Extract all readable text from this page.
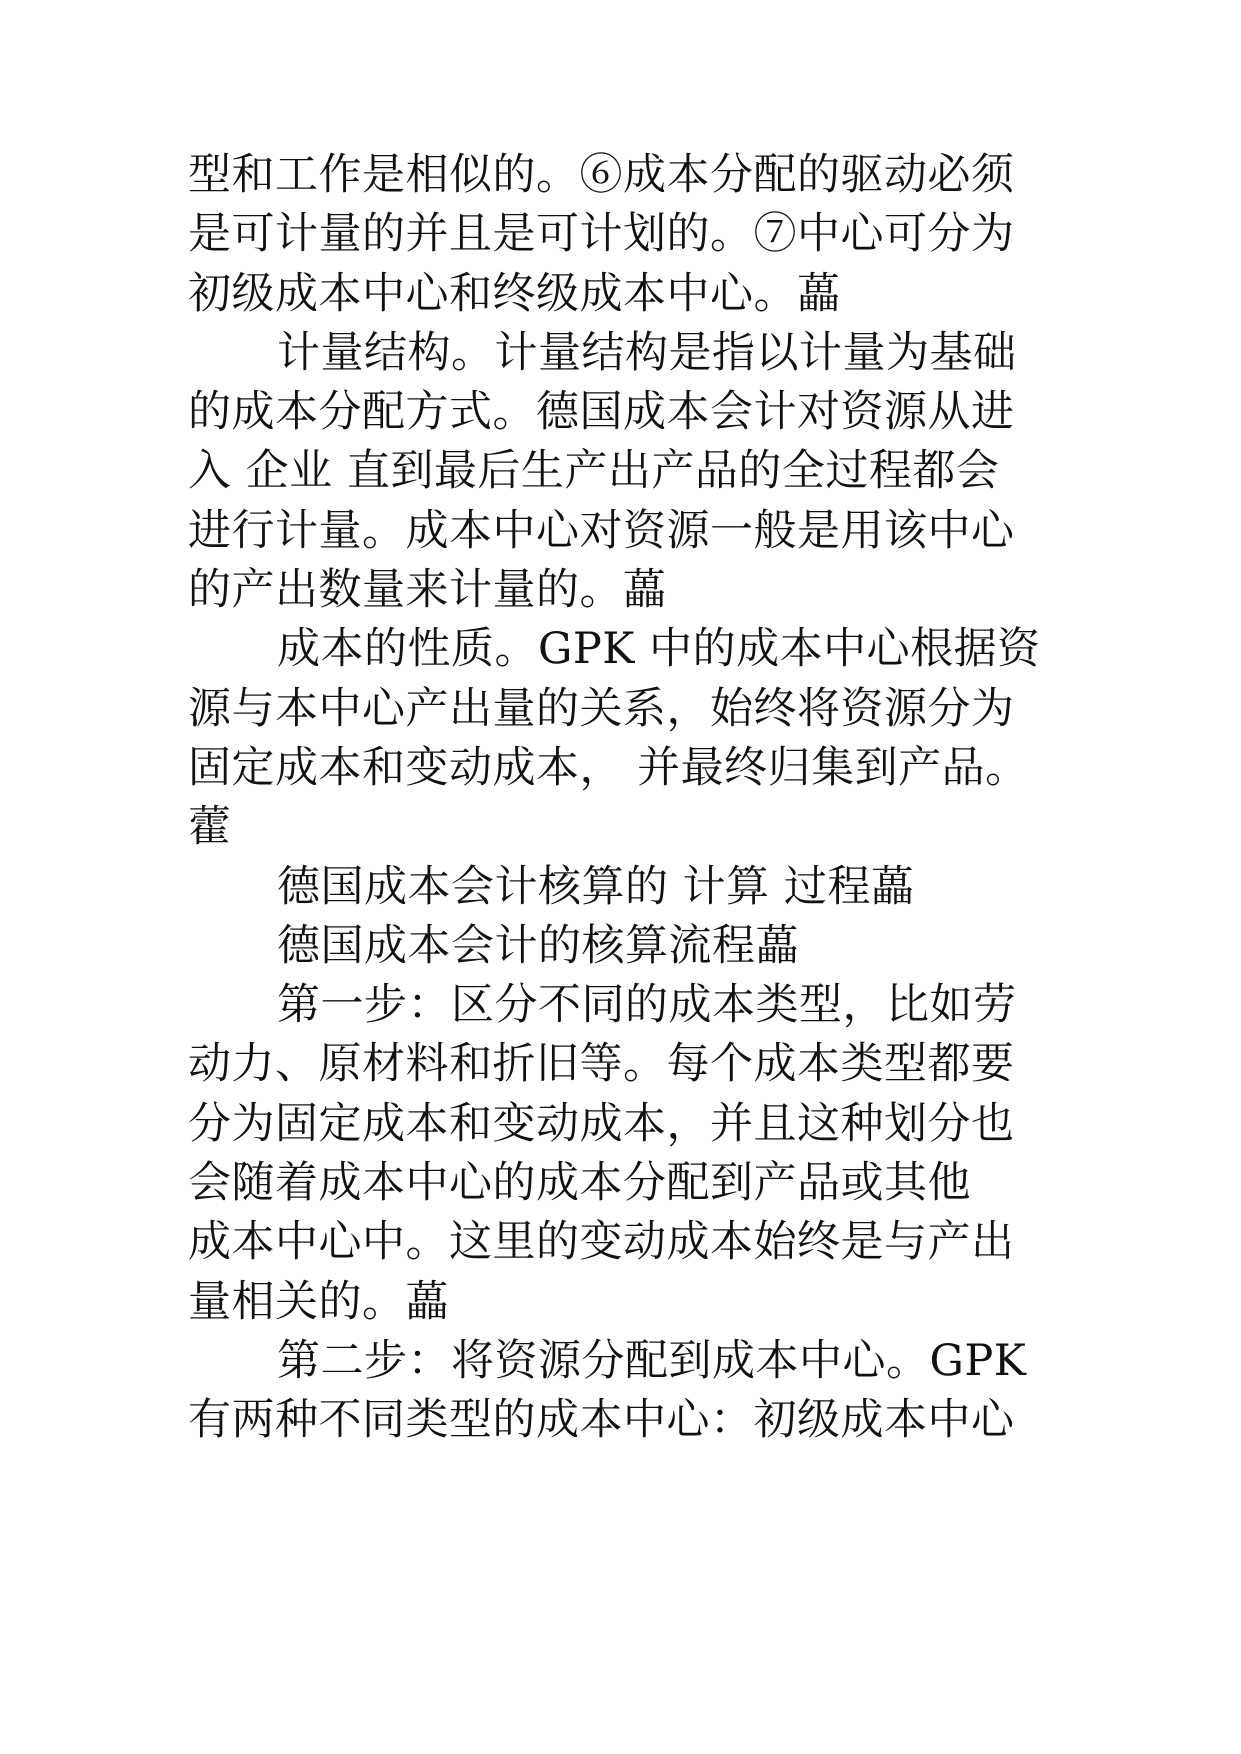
型和工作是相似的。⑥成本分配的驱动必须
是可计量的并且是可计划的。⑦中心可分为
初级成本中心和终级成本中心。藟
计量结构。计量结构是指以计量为基础
的成本分配方式。德国成本会计对资源从进
入 企业 直到最后生产出产品的全过程都会
进行计量。成本中心对资源一般是用该中心
的产出数量来计量的。藟
成本的性质。GPK 中的成本中心根据资
源与本中心产出量的关系，始终将资源分为
固定成本和变动成本， 并最终归集到产品。
藿
德国成本会计核算的 计算 过程藟
德国成本会计的核算流程藟
第一步：区分不同的成本类型，比如劳
动力、原材料和折旧等。每个成本类型都要
分为固定成本和变动成本，并且这种划分也
会随着成本中心的成本分配到产品或其他
成本中心中。这里的变动成本始终是与产出
量相关的。藟
第二步：将资源分配到成本中心。GPK
有两种不同类型的成本中心：初级成本中心
